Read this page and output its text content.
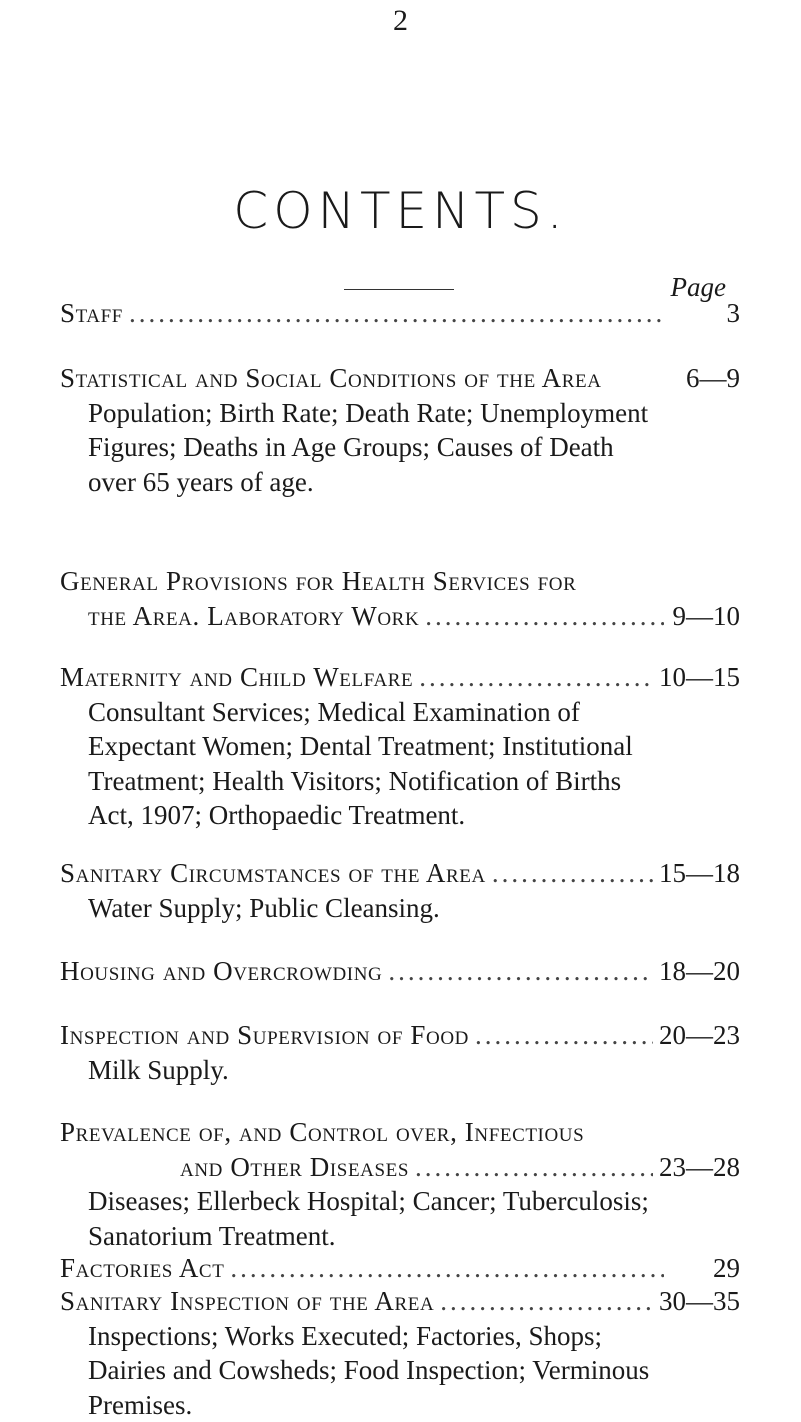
2
CONTENTS.
Page
Staff .....	3
Statistical and Social Conditions of the Area	6—9
Population; Birth Rate; Death Rate; Unemployment Figures; Deaths in Age Groups; Causes of Death over 65 years of age.
General Provisions for Health Services for
the Area. Laboratory Work .....	9—10
Maternity and Child Welfare .....	10—15
Consultant Services; Medical Examination of Expectant Women; Dental Treatment; Institutional Treatment; Health Visitors; Notification of Births Act, 1907; Orthopaedic Treatment.
Sanitary Circumstances of the Area .....	15—18
Water Supply; Public Cleansing.
Housing and Overcrowding .....	18—20
Inspection and Supervision of Food .....	20—23
Milk Supply.
Prevalence of, and Control over, Infectious
and Other Diseases .....	23—28
Diseases; Ellerbeck Hospital; Cancer; Tuberculosis; Sanatorium Treatment.
Factories Act .....	29
Sanitary Inspection of the Area .....	30—35
Inspections; Works Executed; Factories, Shops; Dairies and Cowsheds; Food Inspection; Verminous Premises.
